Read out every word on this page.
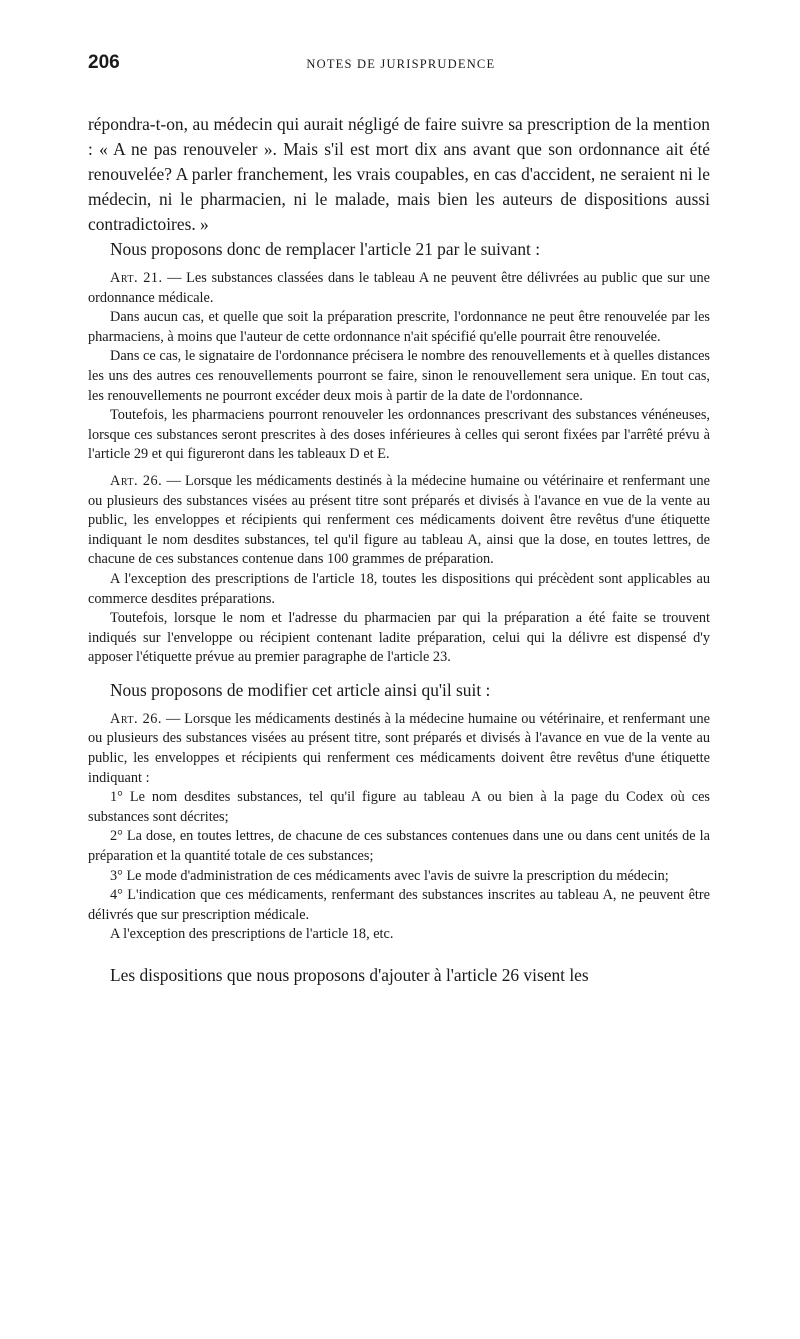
206	NOTES DE JURISPRUDENCE

répondra-t-on, au médecin qui aurait négligé de faire suivre sa prescription de la mention : « A ne pas renouveler ». Mais s'il est mort dix ans avant que son ordonnance ait été renouvelée? A parler franchement, les vrais coupables, en cas d'accident, ne seraient ni le médecin, ni le pharmacien, ni le malade, mais bien les auteurs de dispositions aussi contradictoires. »

Nous proposons donc de remplacer l'article 21 par le suivant :

Art. 21. — Les substances classées dans le tableau A ne peuvent être délivrées au public que sur une ordonnance médicale.

Dans aucun cas, et quelle que soit la préparation prescrite, l'ordonnance ne peut être renouvelée par les pharmaciens, à moins que l'auteur de cette ordonnance n'ait spécifié qu'elle pourrait être renouvelée.

Dans ce cas, le signataire de l'ordonnance précisera le nombre des renouvellements et à quelles distances les uns des autres ces renouvellements pourront se faire, sinon le renouvellement sera unique. En tout cas, les renouvellements ne pourront excéder deux mois à partir de la date de l'ordonnance.

Toutefois, les pharmaciens pourront renouveler les ordonnances prescrivant des substances vénéneuses, lorsque ces substances seront prescrites à des doses inférieures à celles qui seront fixées par l'arrêté prévu à l'article 29 et qui figureront dans les tableaux D et E.

Art. 26. — Lorsque les médicaments destinés à la médecine humaine ou vétérinaire et renfermant une ou plusieurs des substances visées au présent titre sont préparés et divisés à l'avance en vue de la vente au public, les enveloppes et récipients qui renferment ces médicaments doivent être revêtus d'une étiquette indiquant le nom desdites substances, tel qu'il figure au tableau A, ainsi que la dose, en toutes lettres, de chacune de ces substances contenue dans 100 grammes de préparation.

A l'exception des prescriptions de l'article 18, toutes les dispositions qui précèdent sont applicables au commerce desdites préparations.

Toutefois, lorsque le nom et l'adresse du pharmacien par qui la préparation a été faite se trouvent indiqués sur l'enveloppe ou récipient contenant ladite préparation, celui qui la délivre est dispensé d'y apposer l'étiquette prévue au premier paragraphe de l'article 23.

Nous proposons de modifier cet article ainsi qu'il suit :

Art. 26. — Lorsque les médicaments destinés à la médecine humaine ou vétérinaire, et renfermant une ou plusieurs des substances visées au présent titre, sont préparés et divisés à l'avance en vue de la vente au public, les enveloppes et récipients qui renferment ces médicaments doivent être revêtus d'une étiquette indiquant :

1° Le nom desdites substances, tel qu'il figure au tableau A ou bien à la page du Codex où ces substances sont décrites;

2° La dose, en toutes lettres, de chacune de ces substances contenues dans une ou dans cent unités de la préparation et la quantité totale de ces substances;

3° Le mode d'administration de ces médicaments avec l'avis de suivre la prescription du médecin;

4° L'indication que ces médicaments, renfermant des substances inscrites au tableau A, ne peuvent être délivrés que sur prescription médicale.

A l'exception des prescriptions de l'article 18, etc.

Les dispositions que nous proposons d'ajouter à l'article 26 visent les
